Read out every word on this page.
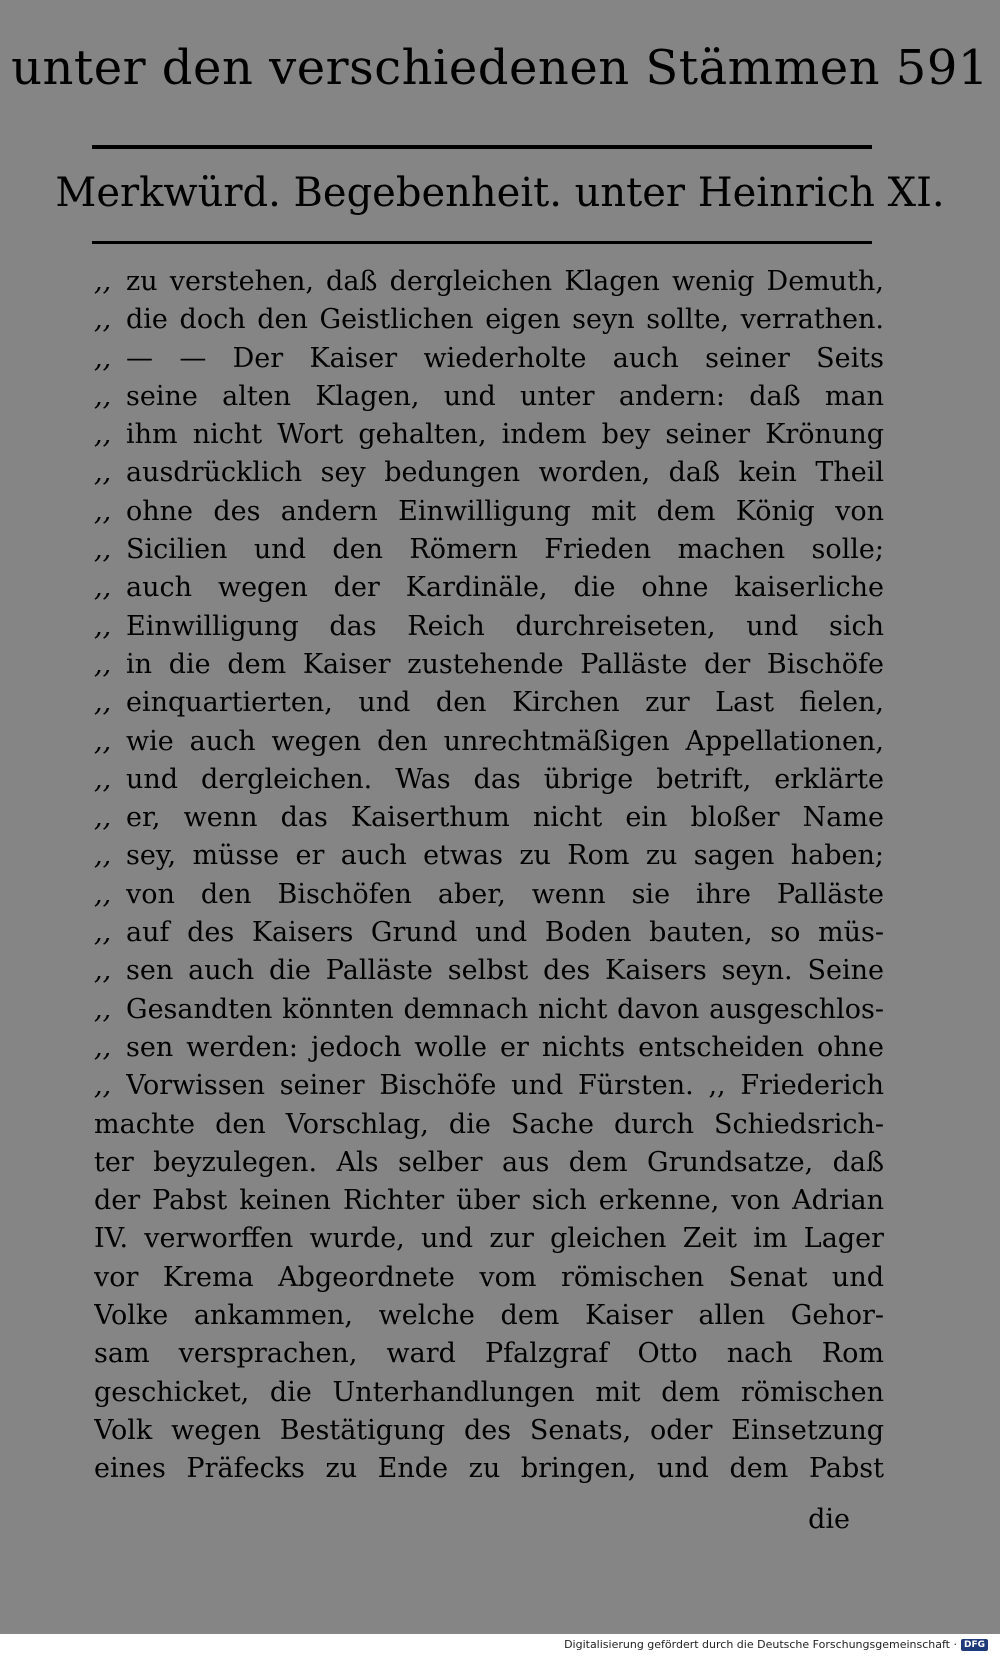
unter den verschiedenen Stämmen 591
Merkwürd. Begebenheit. unter Heinrich XI.
,, zu verstehen, daß dergleichen Klagen wenig Demuth,
,, die doch den Geistlichen eigen seyn sollte, verrathen.
,, — — Der Kaiser wiederholte auch seiner Seits
,, seine alten Klagen, und unter andern: daß man
,, ihm nicht Wort gehalten, indem bey seiner Krönung
,, ausdrücklich sey bedungen worden, daß kein Theil
,, ohne des andern Einwilligung mit dem König von
,, Sicilien und den Römern Frieden machen solle;
,, auch wegen der Kardinäle, die ohne kaiserliche
,, Einwilligung das Reich durchreiseten, und sich
,, in die dem Kaiser zustehende Palläste der Bischöfe
,, einquartierten, und den Kirchen zur Last fielen,
,, wie auch wegen den unrechtmäßigen Appellationen,
,, und dergleichen. Was das übrige betrift, erklärte
,, er, wenn das Kaiserthum nicht ein bloßer Name
,, sey, müsse er auch etwas zu Rom zu sagen haben;
,, von den Bischöfen aber, wenn sie ihre Palläste
,, auf des Kaisers Grund und Boden bauten, so müs-
,, sen auch die Palläste selbst des Kaisers seyn. Seine
,, Gesandten könnten demnach nicht davon ausgeschlos-
,, sen werden: jedoch wolle er nichts entscheiden ohne
,, Vorwissen seiner Bischöfe und Fürsten. ,, Friederich
machte den Vorschlag, die Sache durch Schiedsrich-
ter beyzulegen. Als selber aus dem Grundsatze, daß
der Pabst keinen Richter über sich erkenne, von Adrian
IV. verworffen wurde, und zur gleichen Zeit im Lager
vor Krema Abgeordnete vom römischen Senat und
Volke ankammen, welche dem Kaiser allen Gehor-
sam versprachen, ward Pfalzgraf Otto nach Rom
geschicket, die Unterhandlungen mit dem römischen
Volk wegen Bestätigung des Senats, oder Einsetzung
eines Präfecks zu Ende zu bringen, und dem Pabst
die
Digitalisierung gefördert durch die Deutsche Forschungsgemeinschaft · DFG
